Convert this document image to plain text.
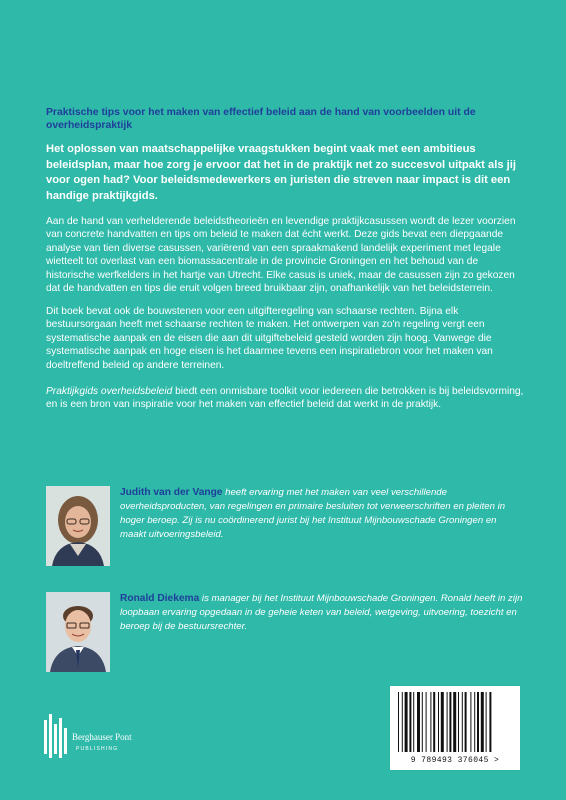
Praktische tips voor het maken van effectief beleid aan de hand van voorbeelden uit de overheidspraktijk
Het oplossen van maatschappelijke vraagstukken begint vaak met een ambitieus beleidsplan, maar hoe zorg je ervoor dat het in de praktijk net zo succesvol uitpakt als jij voor ogen had? Voor beleidsmedewerkers en juristen die streven naar impact is dit een handige praktijkgids.
Aan de hand van verhelderende beleidstheorieën en levendige praktijkcasussen wordt de lezer voorzien van concrete handvatten en tips om beleid te maken dat écht werkt. Deze gids bevat een diepgaande analyse van tien diverse casussen, variërend van een spraakmakend landelijk experiment met legale wietteelt tot overlast van een biomassacentrale in de provincie Groningen en het behoud van de historische werfkelders in het hartje van Utrecht. Elke casus is uniek, maar de casussen zijn zo gekozen dat de handvatten en tips die eruit volgen breed bruikbaar zijn, onafhankelijk van het beleidsterrein.
Dit boek bevat ook de bouwstenen voor een uitgifteregeling van schaarse rechten. Bijna elk bestuursorgaan heeft met schaarse rechten te maken. Het ontwerpen van zo'n regeling vergt een systematische aanpak en de eisen die aan dit uitgiftebeleid gesteld worden zijn hoog. Vanwege die systematische aanpak en hoge eisen is het daarmee tevens een inspiratiebron voor het maken van doeltreffend beleid op andere terreinen.
Praktijkgids overheidsbeleid biedt een onmisbare toolkit voor iedereen die betrokken is bij beleidsvorming, en is een bron van inspiratie voor het maken van effectief beleid dat werkt in de praktijk.
Judith van der Vange heeft ervaring met het maken van veel verschillende overheidsproducten, van regelingen en primaire besluiten tot verweerschriften en pleiten in hoger beroep. Zij is nu coördinerend jurist bij het Instituut Mijnbouwschade Groningen en maakt uitvoeringsbeleid.
Ronald Diekema is manager bij het Instituut Mijnbouwschade Groningen. Ronald heeft in zijn loopbaan ervaring opgedaan in de geheie keten van beleid, wetgeving, uitvoering, toezicht en beroep bij de bestuursrechter.
Berghauser Pont
PUBLISHING
9 789493 376045 >
